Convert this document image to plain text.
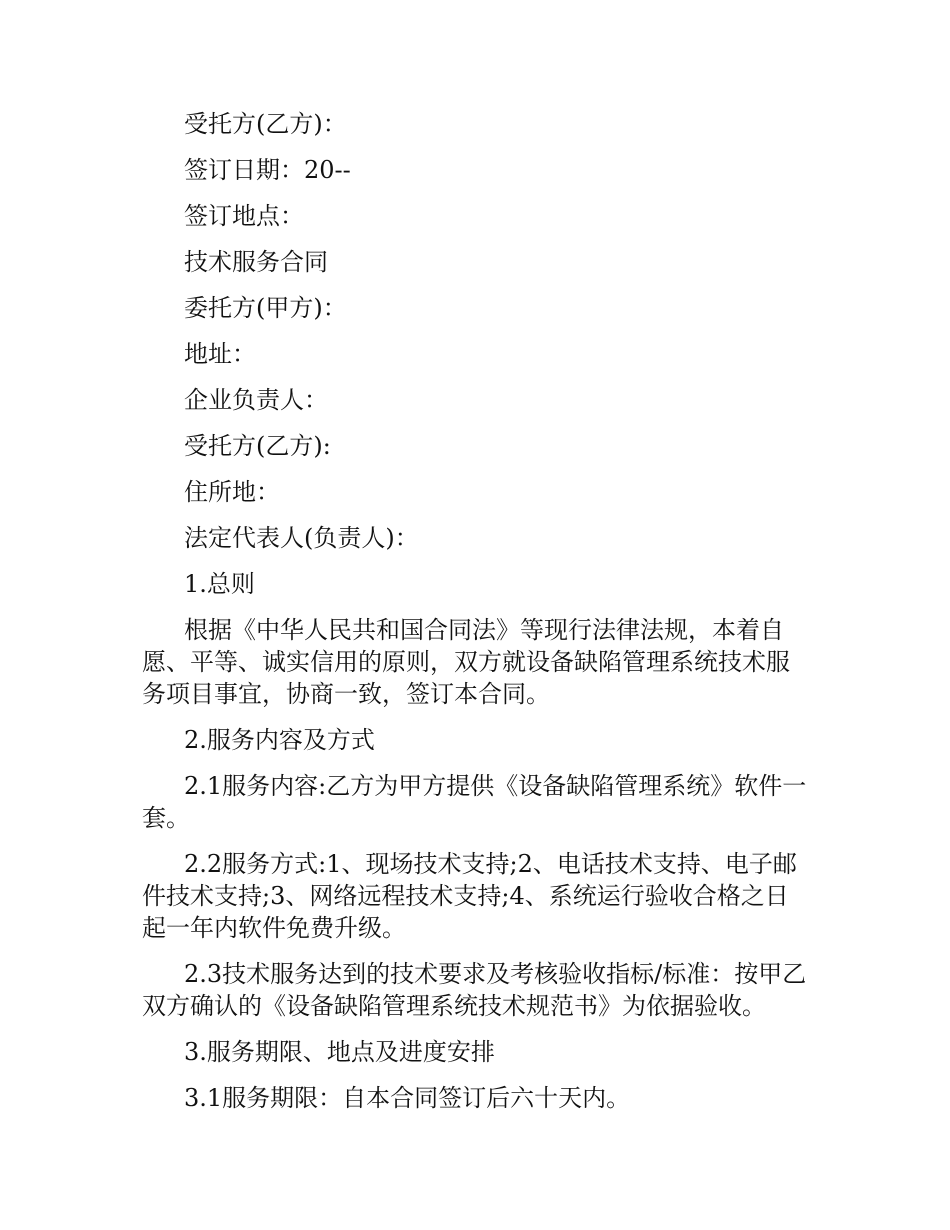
受托方(乙方)：

签订日期：20--

签订地点：

技术服务合同

委托方(甲方)：

地址：

企业负责人：

受托方(乙方):

住所地：

法定代表人(负责人)：

1.总则

根据《中华人民共和国合同法》等现行法律法规，本着自愿、平等、诚实信用的原则，双方就设备缺陷管理系统技术服务项目事宜，协商一致，签订本合同。

2.服务内容及方式

2.1服务内容:乙方为甲方提供《设备缺陷管理系统》软件一套。

2.2服务方式:1、现场技术支持;2、电话技术支持、电子邮件技术支持;3、网络远程技术支持;4、系统运行验收合格之日起一年内软件免费升级。

2.3技术服务达到的技术要求及考核验收指标/标准：按甲乙双方确认的《设备缺陷管理系统技术规范书》为依据验收。

3.服务期限、地点及进度安排

3.1服务期限：自本合同签订后六十天内。
